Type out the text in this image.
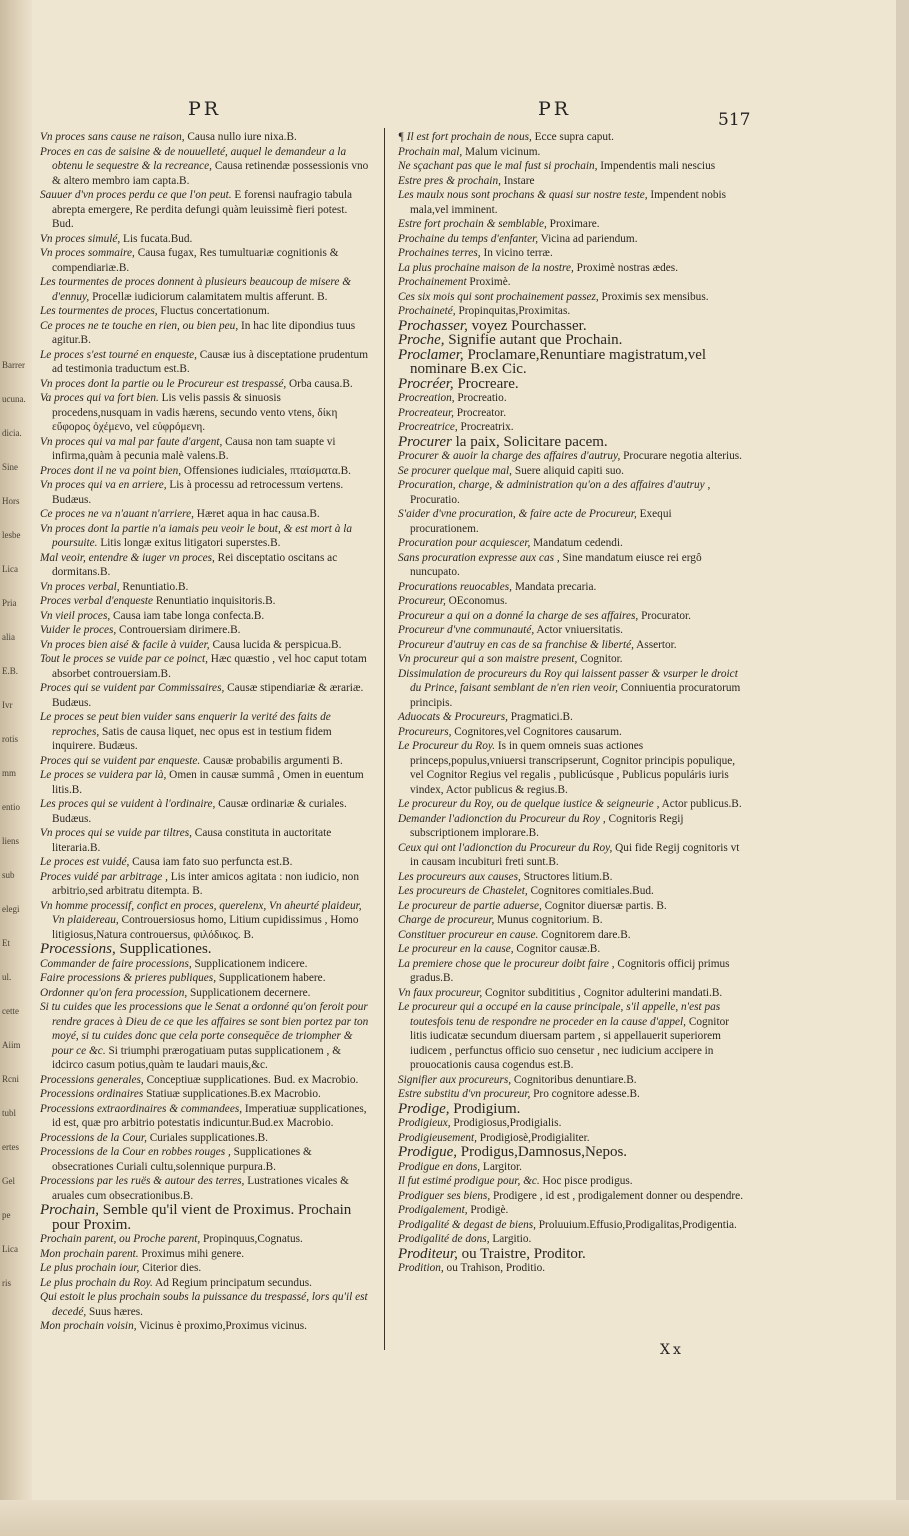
Barrer
ucuna.
dicia.
Sine
Hors
lesbe
Lica
Pria
alia
E.B.
Ivr
rotis
mm
entio
liens
sub
elegi
Et
ul.
cette
Aiim
Rcni
tubl
ertes
Gel
pe
Lica
ris
PR	PR	517

Vn proces sans cause ne raison, Causa nullo iure nixa.B.

Proces en cas de saisine & de nouuelleté, auquel le demandeur a la obtenu le sequestre & la recreance, Causa retinendæ possessionis vno & altero membro iam capta.B.

Sauuer d'vn proces perdu ce que l'on peut. E forensi naufragio tabula abrepta emergere, Re perdita defungi quàm leuissimè fieri potest. Bud.

Vn proces simulé, Lis fucata.Bud.

Vn proces sommaire, Causa fugax, Res tumultuariæ cognitionis & compendiariæ.B.

Les tourmentes de proces donnent à plusieurs beaucoup de misere & d'ennuy, Procellæ iudiciorum calamitatem multis afferunt. B.

Les tourmentes de proces, Fluctus concertationum.

Ce proces ne te touche en rien, ou bien peu, In hac lite dipondius tuus agitur.B.

Le proces s'est tourné en enqueste, Causæ ius à disceptatione prudentum ad testimonia traductum est.B.

Vn proces dont la partie ou le Procureur est trespassé, Orba causa.B.

Va proces qui va fort bien. Lis velis passis & sinuosis procedens,nusquam in vadis hærens, secundo vento vtens, δίκη εὔφορος ὀχέμενο, vel εὐφρόμενη.

Vn proces qui va mal par faute d'argent, Causa non tam suapte vi infirma,quàm à pecunia malè valens.B.

Proces dont il ne va point bien, Offensiones iudiciales, πταίσματα.B.

Vn proces qui va en arriere, Lis à processu ad retrocessum vertens. Budæus.

Ce proces ne va n'auant n'arriere, Hæret aqua in hac causa.B.

Vn proces dont la partie n'a iamais peu veoir le bout, & est mort à la poursuite. Litis longæ exitus litigatori superstes.B.

Mal veoir, entendre & iuger vn proces, Rei disceptatio oscitans ac dormitans.B.

Vn proces verbal, Renuntiatio.B.

Proces verbal d'enqueste Renuntiatio inquisitoris.B.

Vn vieil proces, Causa iam tabe longa confecta.B.

Vuider le proces, Controuersiam dirimere.B.

Vn proces bien aisé & facile à vuider, Causa lucida & perspicua.B.

Tout le proces se vuide par ce poinct, Hæc quæstio , vel hoc caput totam absorbet controuersiam.B.

Proces qui se vuident par Commissaires, Causæ stipendiariæ & ærariæ. Budæus.

Le proces se peut bien vuider sans enquerir la verité des faits de reproches, Satis de causa liquet, nec opus est in testium fidem inquirere. Budæus.

Proces qui se vuident par enqueste. Causæ probabilis argumenti B.

Le proces se vuidera par là, Omen in causæ summâ , Omen in euentum litis.B.

Les proces qui se vuident à l'ordinaire, Causæ ordinariæ & curiales. Budæus.

Vn proces qui se vuide par tiltres, Causa constituta in auctoritate literaria.B.

Le proces est vuidé, Causa iam fato suo perfuncta est.B.

Proces vuidé par arbitrage , Lis inter amicos agitata : non iudicio, non arbitrio,sed arbitratu ditempta. B.

Vn homme processif, confict en proces, querelenx, Vn aheurté plaideur, Vn plaidereau, Controuersiosus homo, Litium cupidissimus , Homo litigiosus,Natura controuersus, φιλόδικος. B.

Processions, Supplicationes.

Commander de faire processions, Supplicationem indicere.

Faire processions & prieres publiques, Supplicationem habere.

Ordonner qu'on fera procession, Supplicationem decernere.

Si tu cuides que les processions que le Senat a ordonné qu'on feroit pour rendre graces à Dieu de ce que les affaires se sont bien portez par ton moyé, si tu cuides donc que cela porte consequēce de triompher & pour ce &c. Si triumphi prærogatiuam putas supplicationem , & idcirco casum potius,quàm te laudari mauis,&c.

Processions generales, Conceptiuæ supplicationes. Bud. ex Macrobio.

Processions ordinaires Statiuæ supplicationes.B.ex Macrobio.

Processions extraordinaires & commandees, Imperatiuæ supplicationes, id est, quæ pro arbitrio potestatis indicuntur.Bud.ex Macrobio.

Processions de la Cour, Curiales supplicationes.B.

Processions de la Cour en robbes rouges , Supplicationes & obsecrationes Curiali cultu,solennique purpura.B.

Processions par les ruës & autour des terres, Lustrationes vicales & aruales cum obsecrationibus.B.

Prochain, Semble qu'il vient de Proximus. Prochain pour Proxim.

Prochain parent, ou Proche parent, Propinquus,Cognatus.

Mon prochain parent. Proximus mihi genere.

Le plus prochain iour, Citerior dies.

Le plus prochain du Roy. Ad Regium principatum secundus.

Qui estoit le plus prochain soubs la puissance du trespassé, lors qu'il est decedé, Suus hæres.

Mon prochain voisin, Vicinus è proximo,Proximus vicinus.

¶ Il est fort prochain de nous, Ecce supra caput.

Prochain mal, Malum vicinum.

Ne sçachant pas que le mal fust si prochain, Impendentis mali nescius

Estre pres & prochain, Instare

Les maulx nous sont prochans & quasi sur nostre teste, Impendent nobis mala,vel imminent.

Estre fort prochain & semblable, Proximare.

Prochaine du temps d'enfanter, Vicina ad pariendum.

Prochaines terres, In vicino terræ.

La plus prochaine maison de la nostre, Proximè nostras ædes.

Prochainement Proximè.

Ces six mois qui sont prochainement passez, Proximis sex mensibus.

Prochaineté, Propinquitas,Proximitas.

Prochasser, voyez Pourchasser.

Proche, Signifie autant que Prochain.

Proclamer, Proclamare,Renuntiare magistratum,vel nominare B.ex Cic.

Procréer, Procreare.

Procreation, Procreatio.

Procreateur, Procreator.

Procreatrice, Procreatrix.

Procurer la paix, Solicitare pacem.

Procurer & auoir la charge des affaires d'autruy, Procurare negotia alterius.

Se procurer quelque mal, Suere aliquid capiti suo.

Procuration, charge, & administration qu'on a des affaires d'autruy , Procuratio.

S'aider d'vne procuration, & faire acte de Procureur, Exequi procurationem.

Procuration pour acquiescer, Mandatum cedendi.

Sans procuration expresse aux cas , Sine mandatum eiusce rei ergô nuncupato.

Procurations reuocables, Mandata precaria.

Procureur, OEconomus.

Procureur a qui on a donné la charge de ses affaires, Procurator.

Procureur d'vne communauté, Actor vniuersitatis.

Procureur d'autruy en cas de sa franchise & liberté, Assertor.

Vn procureur qui a son maistre present, Cognitor.

Dissimulation de procureurs du Roy qui laissent passer & vsurper le droict du Prince, faisant semblant de n'en rien veoir, Conniuentia procuratorum principis.

Aduocats & Procureurs, Pragmatici.B.

Procureurs, Cognitores,vel Cognitores causarum.

Le Procureur du Roy. Is in quem omneis suas actiones princeps,populus,vniuersi transcripserunt, Cognitor principis populique, vel Cognitor Regius vel regalis , publicúsque , Publicus populáris iuris vindex, Actor publicus & regius.B.

Le procureur du Roy, ou de quelque iustice & seigneurie , Actor publicus.B.

Demander l'adionction du Procureur du Roy , Cognitoris Regij subscriptionem implorare.B.

Ceux qui ont l'adionction du Procureur du Roy, Qui fide Regij cognitoris vt in causam incubituri freti sunt.B.

Les procureurs aux causes, Structores litium.B.

Les procureurs de Chastelet, Cognitores comitiales.Bud.

Le procureur de partie aduerse, Cognitor diuersæ partis. B.

Charge de procureur, Munus cognitorium. B.

Constituer procureur en cause. Cognitorem dare.B.

Le procureur en la cause, Cognitor causæ.B.

La premiere chose que le procureur doibt faire , Cognitoris officij primus gradus.B.

Vn faux procureur, Cognitor subdititius , Cognitor adulterini mandati.B.

Le procureur qui a occupé en la cause principale, s'il appelle, n'est pas toutesfois tenu de respondre ne proceder en la cause d'appel, Cognitor litis iudicatæ secundum diuersam partem , si appellauerit superiorem iudicem , perfunctus officio suo censetur , nec iudicium accipere in prouocationis causa cogendus est.B.

Signifier aux procureurs, Cognitoribus denuntiare.B.

Estre substitu d'vn procureur, Pro cognitore adesse.B.

Prodige, Prodigium.

Prodigieux, Prodigiosus,Prodigialis.

Prodigieusement, Prodigiosè,Prodigialiter.

Prodigue, Prodigus,Damnosus,Nepos.

Prodigue en dons, Largitor.

Il fut estimé prodigue pour, &c. Hoc pisce prodigus.

Prodiguer ses biens, Prodigere , id est , prodigalement donner ou despendre.

Prodigalement, Prodigè.

Prodigalité & degast de biens, Proluuium.Effusio,Prodigalitas,Prodigentia.

Prodigalité de dons, Largitio.

Proditeur, ou Traistre, Proditor.

Prodition, ou Trahison, Proditio.

Xx
